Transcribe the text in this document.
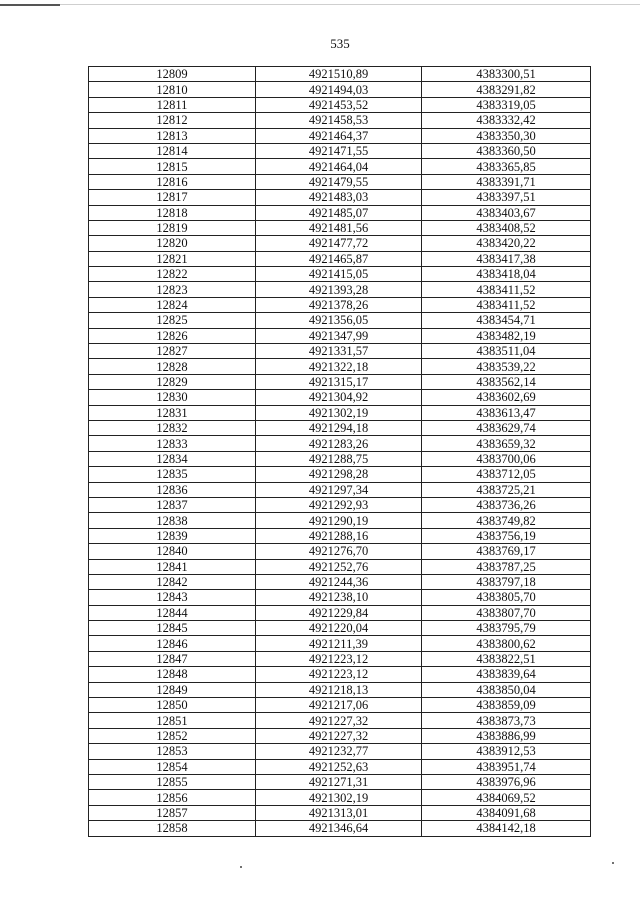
535
12809	4921510,89	4383300,51
12810	4921494,03	4383291,82
12811	4921453,52	4383319,05
12812	4921458,53	4383332,42
12813	4921464,37	4383350,30
12814	4921471,55	4383360,50
12815	4921464,04	4383365,85
12816	4921479,55	4383391,71
12817	4921483,03	4383397,51
12818	4921485,07	4383403,67
12819	4921481,56	4383408,52
12820	4921477,72	4383420,22
12821	4921465,87	4383417,38
12822	4921415,05	4383418,04
12823	4921393,28	4383411,52
12824	4921378,26	4383411,52
12825	4921356,05	4383454,71
12826	4921347,99	4383482,19
12827	4921331,57	4383511,04
12828	4921322,18	4383539,22
12829	4921315,17	4383562,14
12830	4921304,92	4383602,69
12831	4921302,19	4383613,47
12832	4921294,18	4383629,74
12833	4921283,26	4383659,32
12834	4921288,75	4383700,06
12835	4921298,28	4383712,05
12836	4921297,34	4383725,21
12837	4921292,93	4383736,26
12838	4921290,19	4383749,82
12839	4921288,16	4383756,19
12840	4921276,70	4383769,17
12841	4921252,76	4383787,25
12842	4921244,36	4383797,18
12843	4921238,10	4383805,70
12844	4921229,84	4383807,70
12845	4921220,04	4383795,79
12846	4921211,39	4383800,62
12847	4921223,12	4383822,51
12848	4921223,12	4383839,64
12849	4921218,13	4383850,04
12850	4921217,06	4383859,09
12851	4921227,32	4383873,73
12852	4921227,32	4383886,99
12853	4921232,77	4383912,53
12854	4921252,63	4383951,74
12855	4921271,31	4383976,96
12856	4921302,19	4384069,52
12857	4921313,01	4384091,68
12858	4921346,64	4384142,18
